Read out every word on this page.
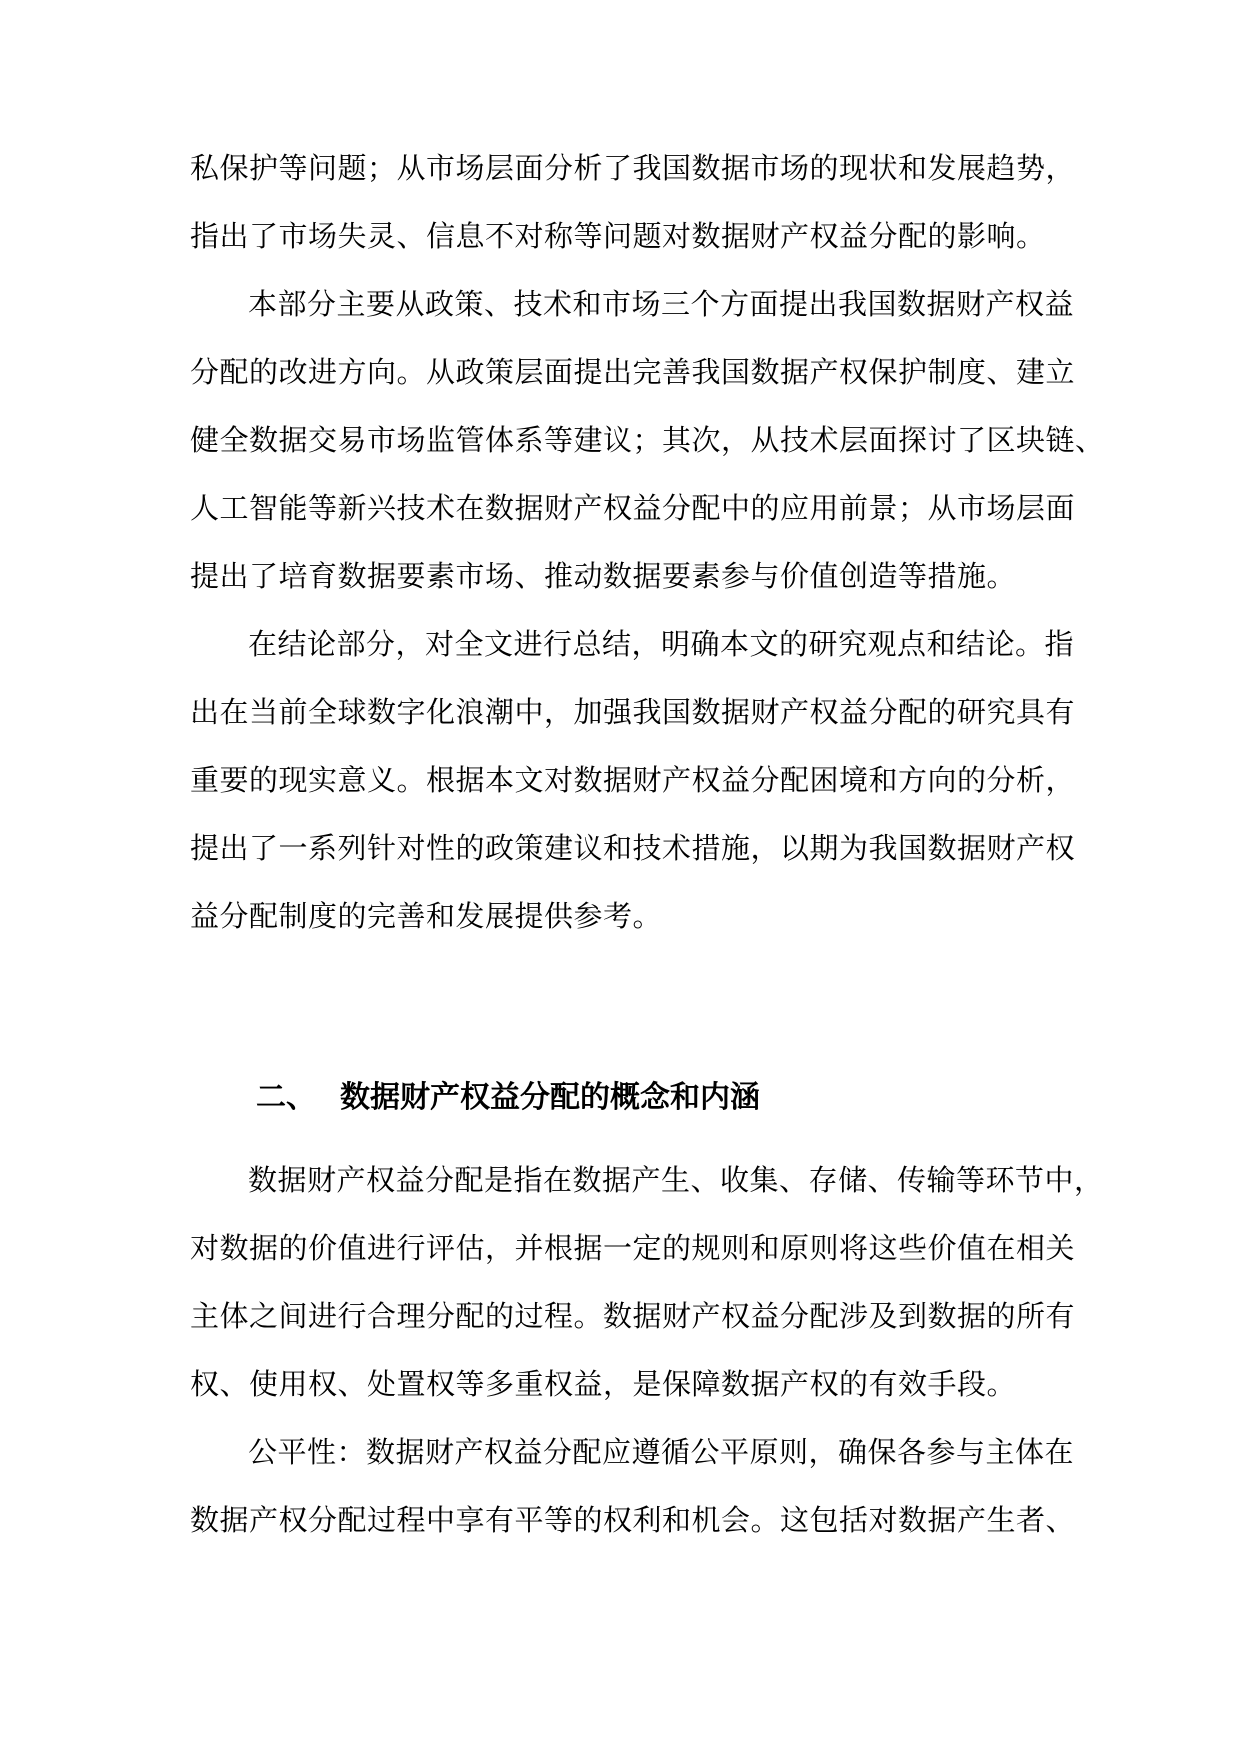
私保护等问题；从市场层面分析了我国数据市场的现状和发展趋势，
指出了市场失灵、信息不对称等问题对数据财产权益分配的影响。
本部分主要从政策、技术和市场三个方面提出我国数据财产权益
分配的改进方向。从政策层面提出完善我国数据产权保护制度、建立
健全数据交易市场监管体系等建议；其次，从技术层面探讨了区块链、
人工智能等新兴技术在数据财产权益分配中的应用前景；从市场层面
提出了培育数据要素市场、推动数据要素参与价值创造等措施。
在结论部分，对全文进行总结，明确本文的研究观点和结论。指
出在当前全球数字化浪潮中，加强我国数据财产权益分配的研究具有
重要的现实意义。根据本文对数据财产权益分配困境和方向的分析，
提出了一系列针对性的政策建议和技术措施，以期为我国数据财产权
益分配制度的完善和发展提供参考。
二、 数据财产权益分配的概念和内涵
数据财产权益分配是指在数据产生、收集、存储、传输等环节中，
对数据的价值进行评估，并根据一定的规则和原则将这些价值在相关
主体之间进行合理分配的过程。数据财产权益分配涉及到数据的所有
权、使用权、处置权等多重权益，是保障数据产权的有效手段。
公平性：数据财产权益分配应遵循公平原则，确保各参与主体在
数据产权分配过程中享有平等的权利和机会。这包括对数据产生者、
